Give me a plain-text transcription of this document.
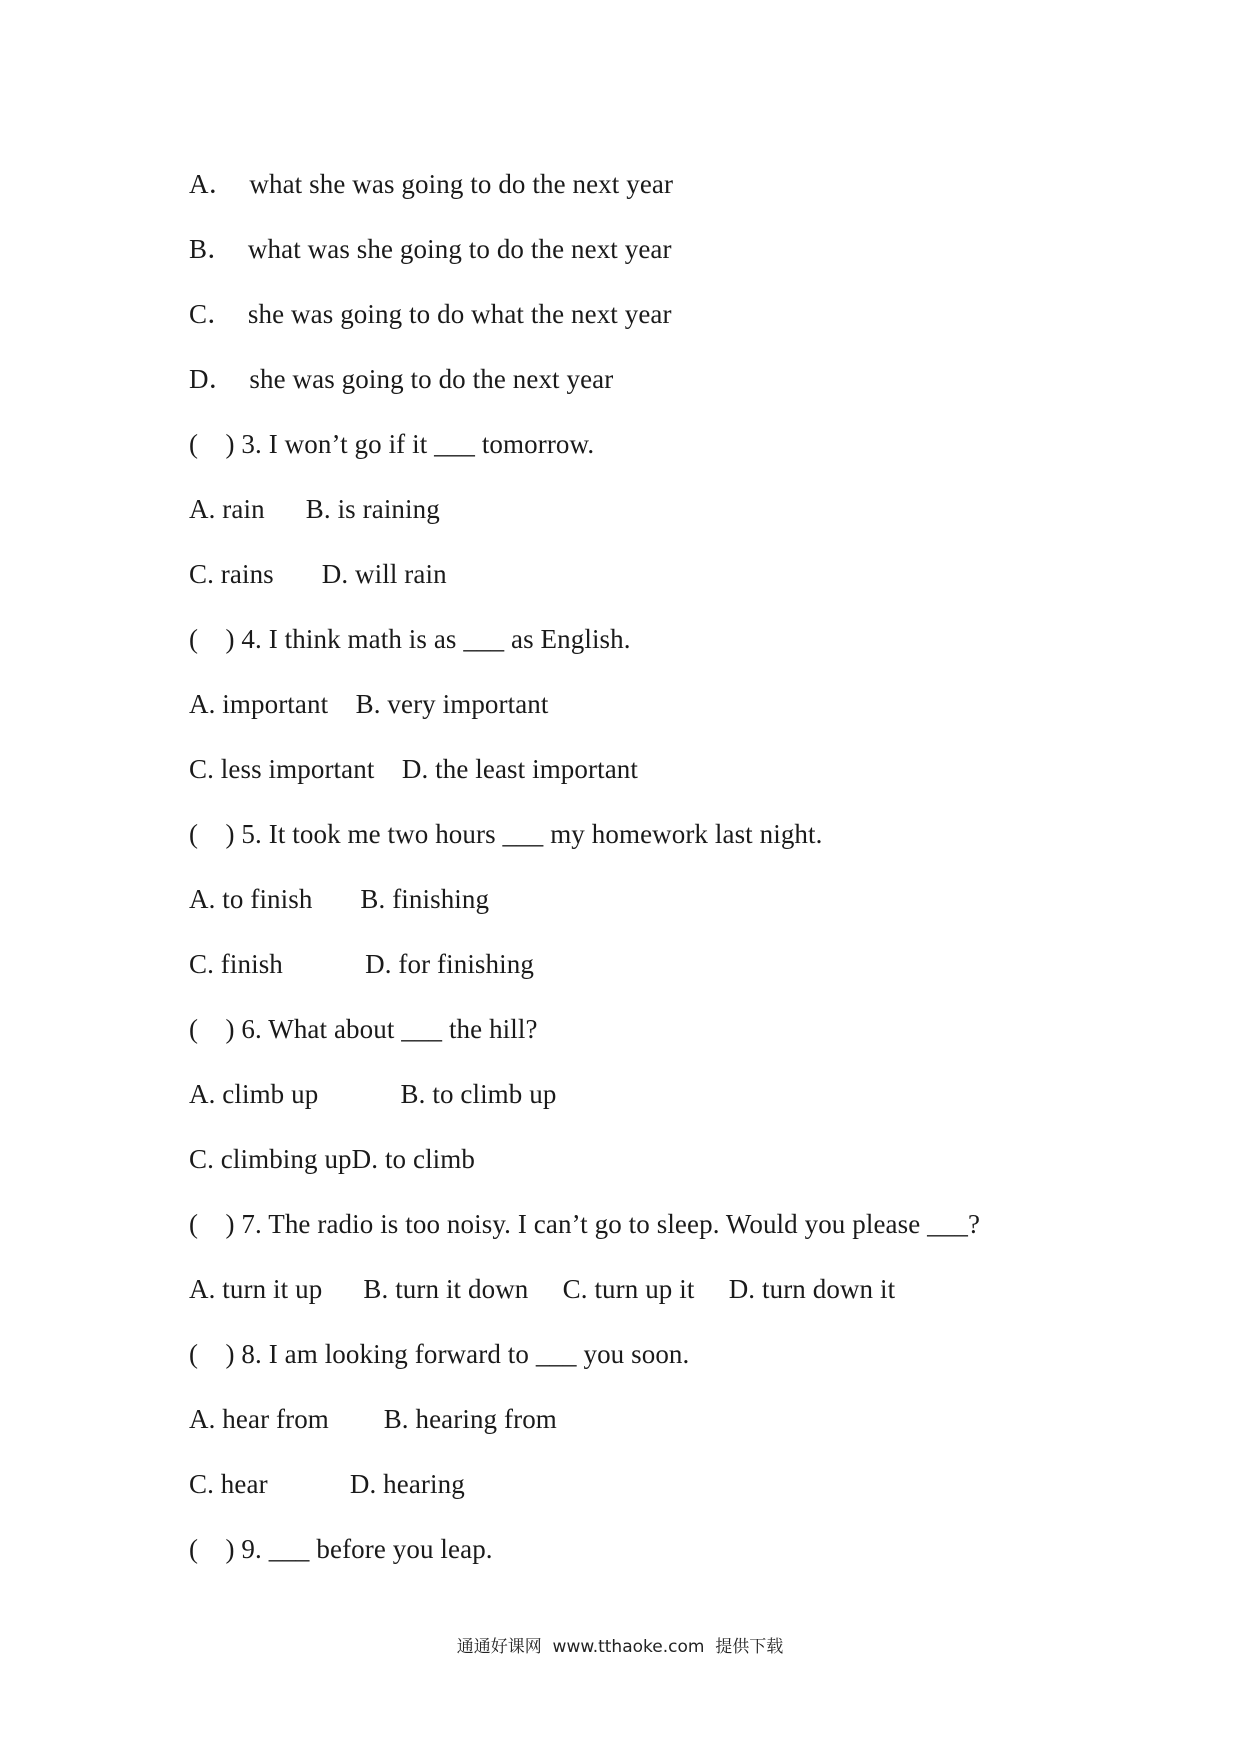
A．  what she was going to do the next year
B．  what was she going to do the next year
C．  she was going to do what the next year
D．  she was going to do the next year
(    ) 3. I won’t go if it ___ tomorrow.
A. rain      B. is raining
C. rains       D. will rain
(    ) 4. I think math is as ___ as English.
A. important    B. very important
C. less important    D. the least important
(    ) 5. It took me two hours ___ my homework last night.
A. to finish       B. finishing
C. finish            D. for finishing
(    ) 6. What about ___ the hill?
A. climb up            B. to climb up
C. climbing upD. to climb
(    ) 7. The radio is too noisy. I can’t go to sleep. Would you please ___?
A. turn it up      B. turn it down     C. turn up it     D. turn down it
(    ) 8. I am looking forward to ___ you soon.
A. hear from        B. hearing from
C. hear            D. hearing
(    ) 9. ___ before you leap.
通通好课网  www.tthaoke.com  提供下载
